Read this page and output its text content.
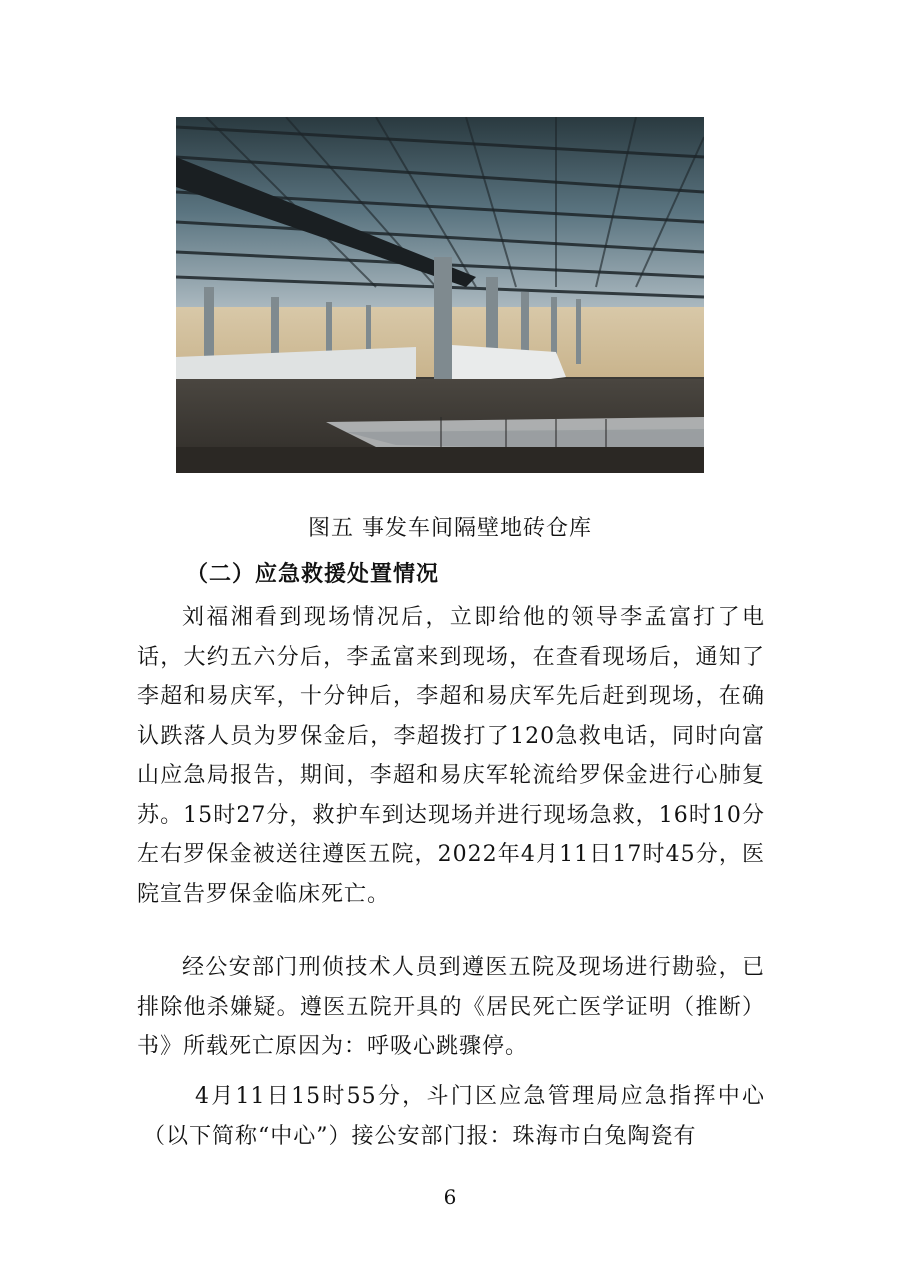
图五 事发车间隔壁地砖仓库
（二）应急救援处置情况

刘福湘看到现场情况后，立即给他的领导李孟富打了电话，大约五六分后，李孟富来到现场，在查看现场后，通知了李超和易庆军，十分钟后，李超和易庆军先后赶到现场，在确认跌落人员为罗保金后，李超拨打了120急救电话，同时向富山应急局报告，期间，李超和易庆军轮流给罗保金进行心肺复苏。15时27分，救护车到达现场并进行现场急救，16时10分左右罗保金被送往遵医五院，2022年4月11日17时45分，医院宣告罗保金临床死亡。

经公安部门刑侦技术人员到遵医五院及现场进行勘验，已排除他杀嫌疑。遵医五院开具的《居民死亡医学证明（推断）书》所载死亡原因为：呼吸心跳骤停。

4月11日15时55分，斗门区应急管理局应急指挥中心（以下简称“中心”）接公安部门报：珠海市白兔陶瓷有

6
